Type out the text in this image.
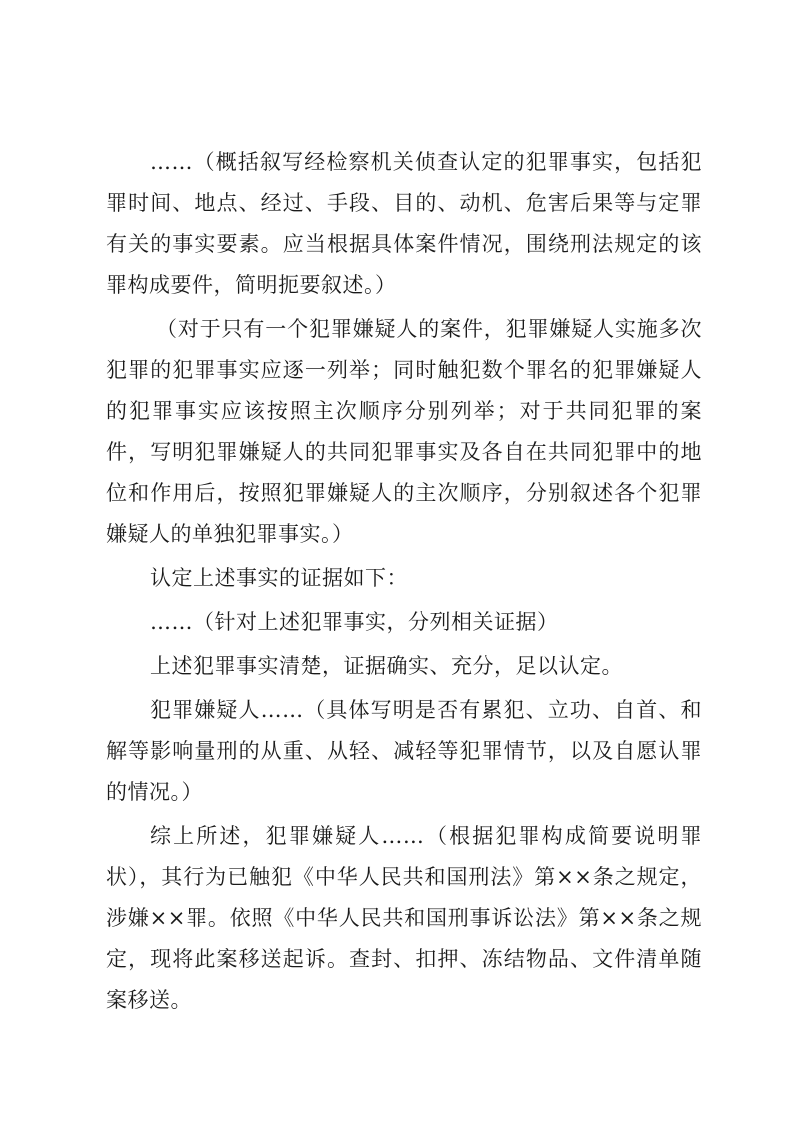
……（概括叙写经检察机关侦查认定的犯罪事实，包括犯罪时间、地点、经过、手段、目的、动机、危害后果等与定罪有关的事实要素。应当根据具体案件情况，围绕刑法规定的该罪构成要件，简明扼要叙述。）

（对于只有一个犯罪嫌疑人的案件，犯罪嫌疑人实施多次犯罪的犯罪事实应逐一列举；同时触犯数个罪名的犯罪嫌疑人的犯罪事实应该按照主次顺序分别列举；对于共同犯罪的案件，写明犯罪嫌疑人的共同犯罪事实及各自在共同犯罪中的地位和作用后，按照犯罪嫌疑人的主次顺序，分别叙述各个犯罪嫌疑人的单独犯罪事实。）

认定上述事实的证据如下：

……（针对上述犯罪事实，分列相关证据）

上述犯罪事实清楚，证据确实、充分，足以认定。

犯罪嫌疑人……（具体写明是否有累犯、立功、自首、和解等影响量刑的从重、从轻、减轻等犯罪情节，以及自愿认罪的情况。）

综上所述，犯罪嫌疑人……（根据犯罪构成简要说明罪状），其行为已触犯《中华人民共和国刑法》第××条之规定，涉嫌××罪。依照《中华人民共和国刑事诉讼法》第××条之规定，现将此案移送起诉。查封、扣押、冻结物品、文件清单随案移送。
